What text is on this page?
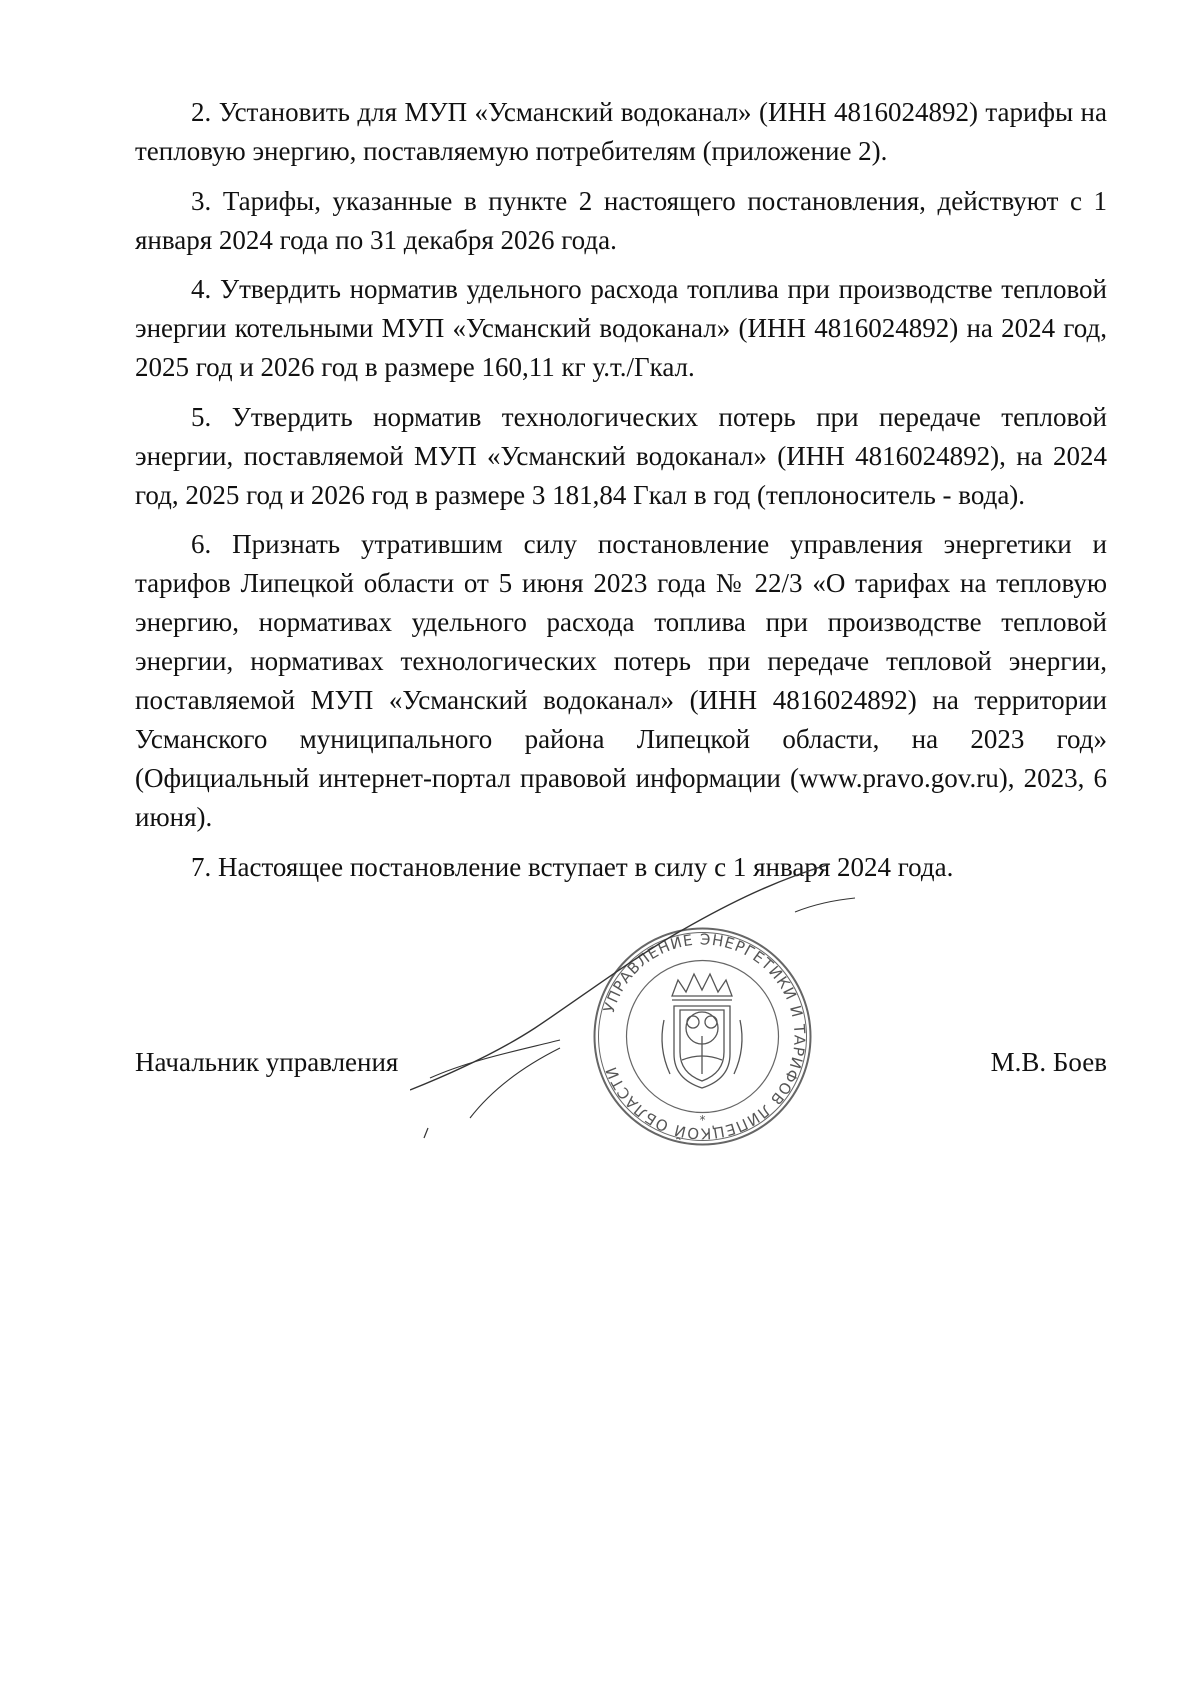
2. Установить для МУП «Усманский водоканал» (ИНН 4816024892) тарифы на тепловую энергию, поставляемую потребителям (приложение 2).

3. Тарифы, указанные в пункте 2 настоящего постановления, действуют с 1 января 2024 года по 31 декабря 2026 года.

4. Утвердить норматив удельного расхода топлива при производстве тепловой энергии котельными МУП «Усманский водоканал» (ИНН 4816024892) на 2024 год, 2025 год и 2026 год в размере 160,11 кг у.т./Гкал.

5. Утвердить норматив технологических потерь при передаче тепловой энергии, поставляемой МУП «Усманский водоканал» (ИНН 4816024892), на 2024 год, 2025 год и 2026 год в размере 3 181,84 Гкал в год (теплоноситель - вода).

6. Признать утратившим силу постановление управления энергетики и тарифов Липецкой области от 5 июня 2023 года № 22/3 «О тарифах на тепловую энергию, нормативах удельного расхода топлива при производстве тепловой энергии, нормативах технологических потерь при передаче тепловой энергии, поставляемой МУП «Усманский водоканал» (ИНН 4816024892) на территории Усманского муниципального района Липецкой области, на 2023 год» (Официальный интернет-портал правовой информации (www.pravo.gov.ru), 2023, 6 июня).

7. Настоящее постановление вступает в силу с 1 января 2024 года.

УПРАВЛЕНИЕ ЭНЕРГЕТИКИ И ТАРИФОВ ЛИПЕЦКОЙ ОБЛАСТИ
*
Начальник управления	М.В. Боев
